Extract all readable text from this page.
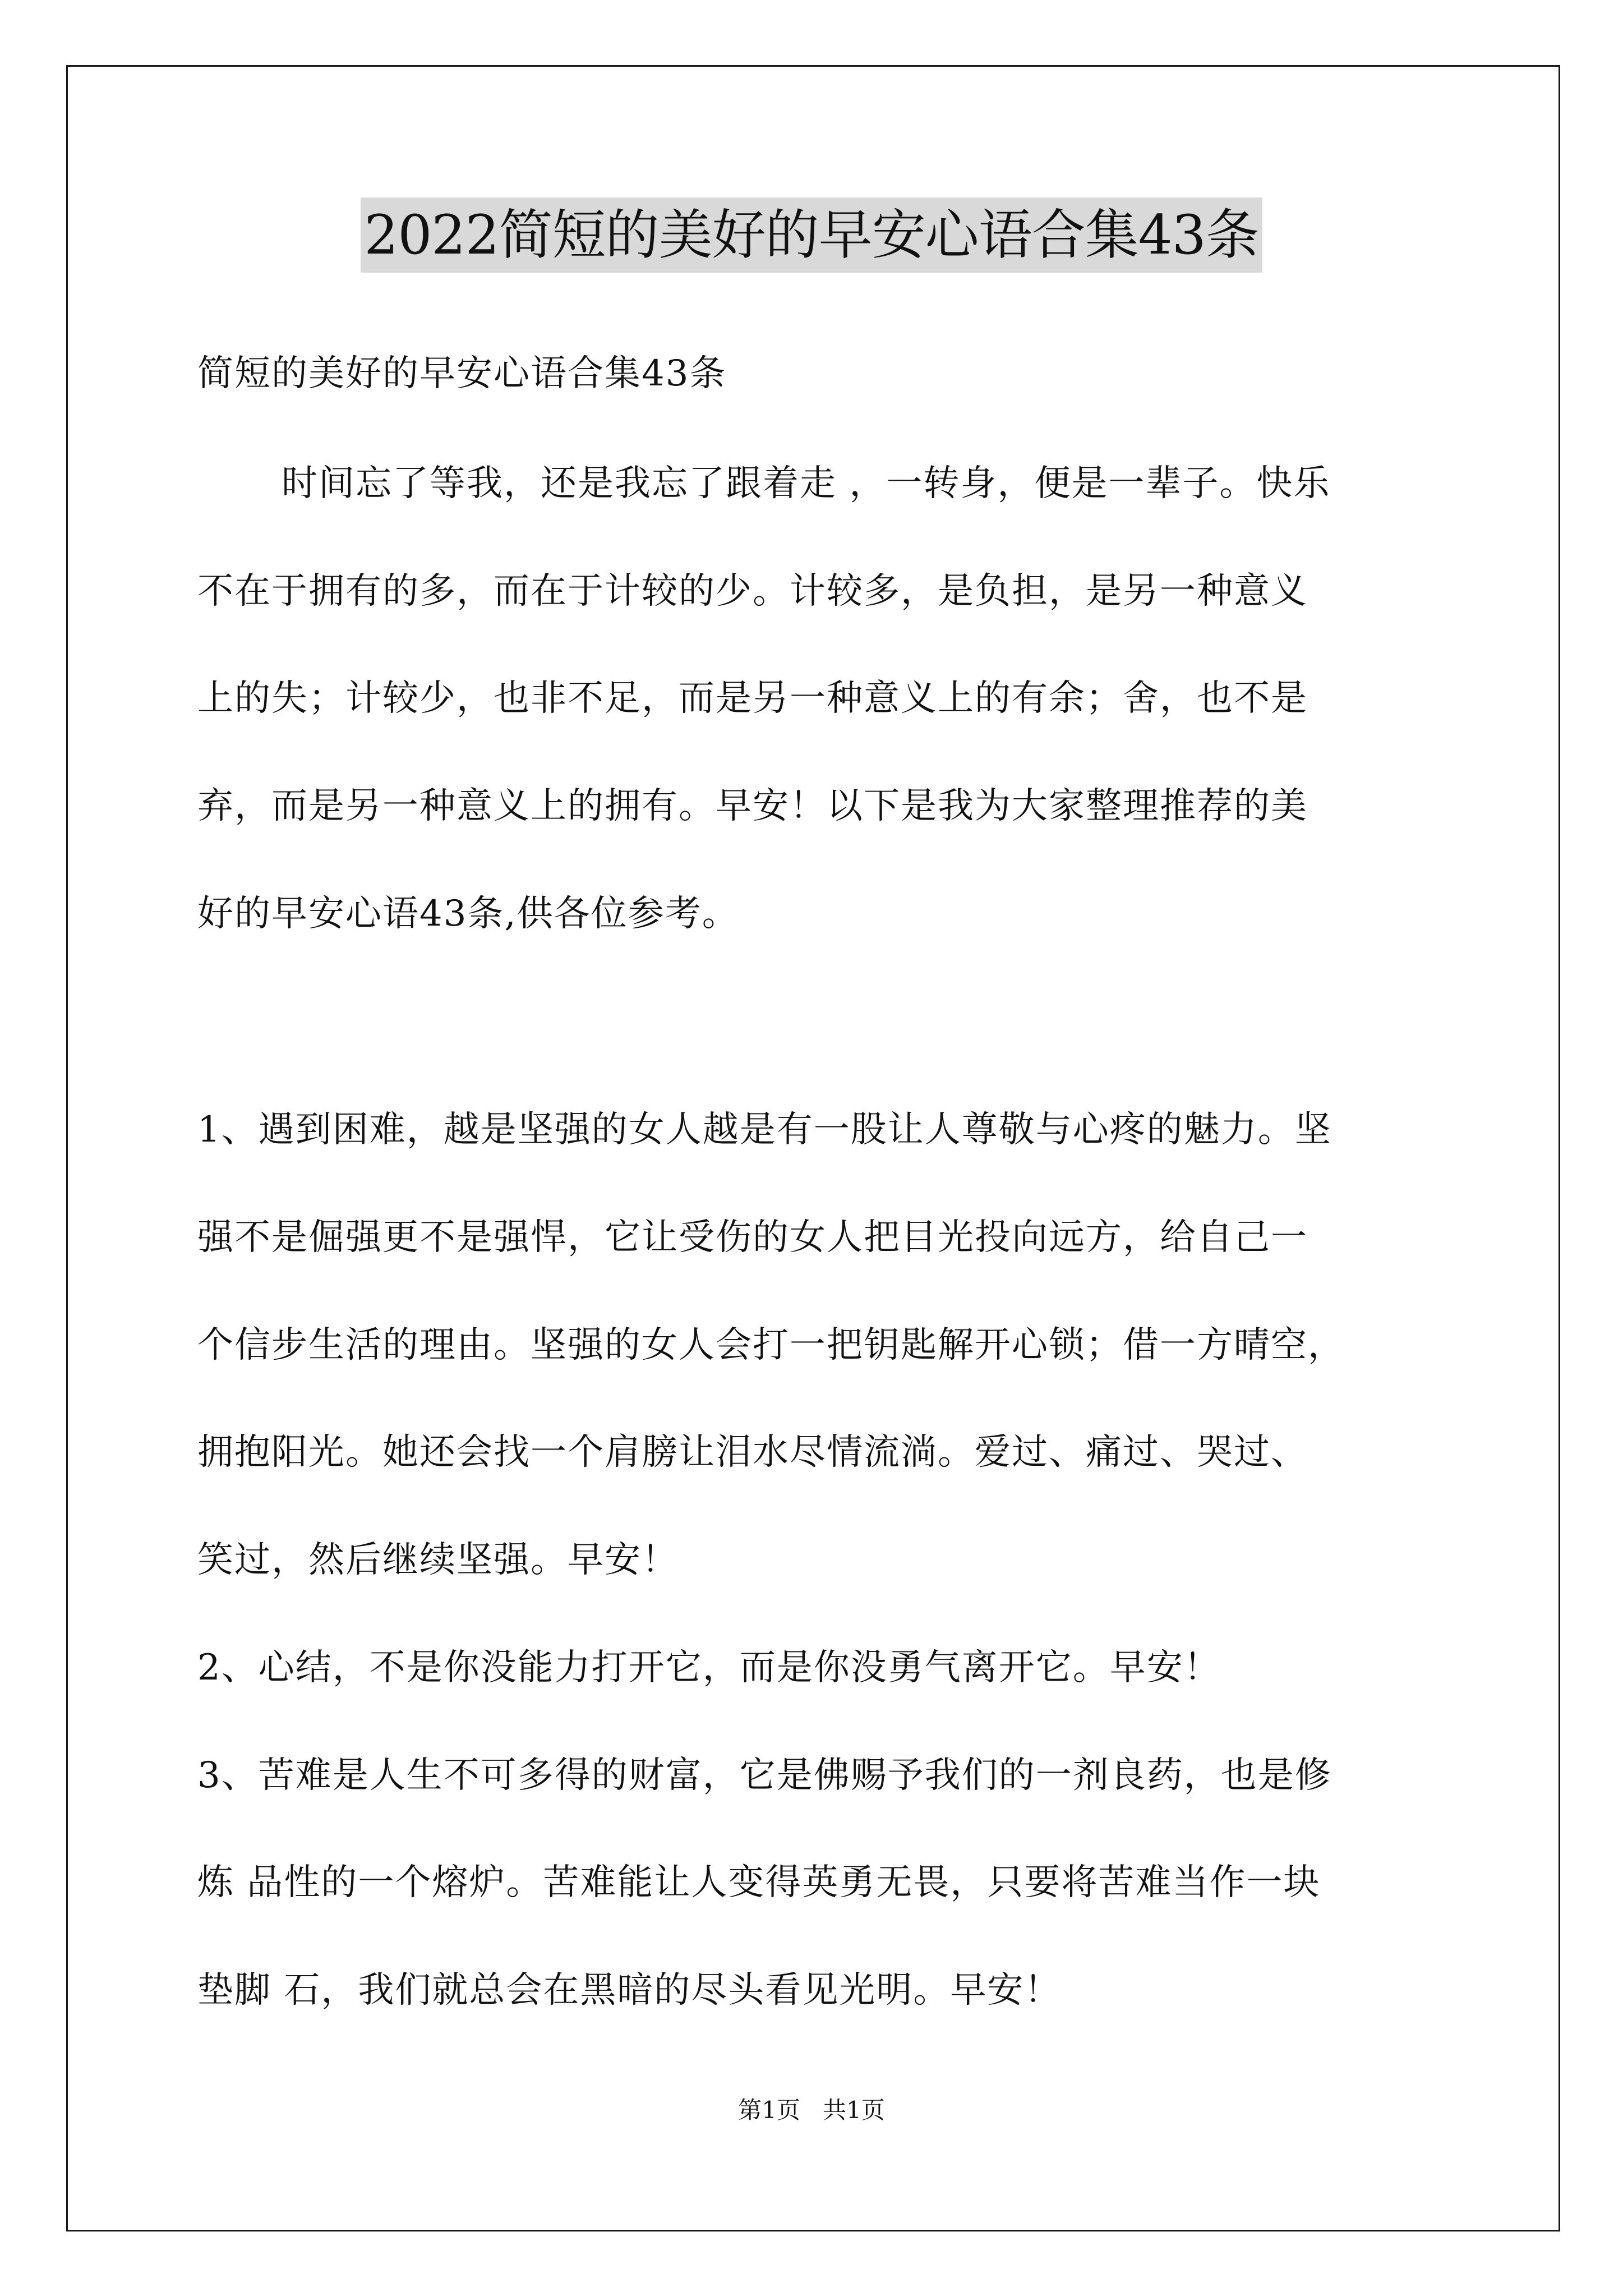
2022简短的美好的早安心语合集43条
简短的美好的早安心语合集43条
时间忘了等我，还是我忘了跟着走 ，一转身，便是一辈子。快乐
不在于拥有的多，而在于计较的少。计较多，是负担，是另一种意义
上的失；计较少，也非不足，而是另一种意义上的有余；舍，也不是
弃，而是另一种意义上的拥有。早安！以下是我为大家整理推荐的美
好的早安心语43条,供各位参考。
1、遇到困难，越是坚强的女人越是有一股让人尊敬与心疼的魅力。坚
强不是倔强更不是强悍，它让受伤的女人把目光投向远方，给自己一
个信步生活的理由。坚强的女人会打一把钥匙解开心锁；借一方晴空，
拥抱阳光。她还会找一个肩膀让泪水尽情流淌。爱过、痛过、哭过、
笑过，然后继续坚强。早安！
2、心结，不是你没能力打开它，而是你没勇气离开它。早安！
3、苦难是人生不可多得的财富，它是佛赐予我们的一剂良药，也是修
炼 品性的一个熔炉。苦难能让人变得英勇无畏，只要将苦难当作一块
垫脚 石，我们就总会在黑暗的尽头看见光明。早安！
第1页   共1页
